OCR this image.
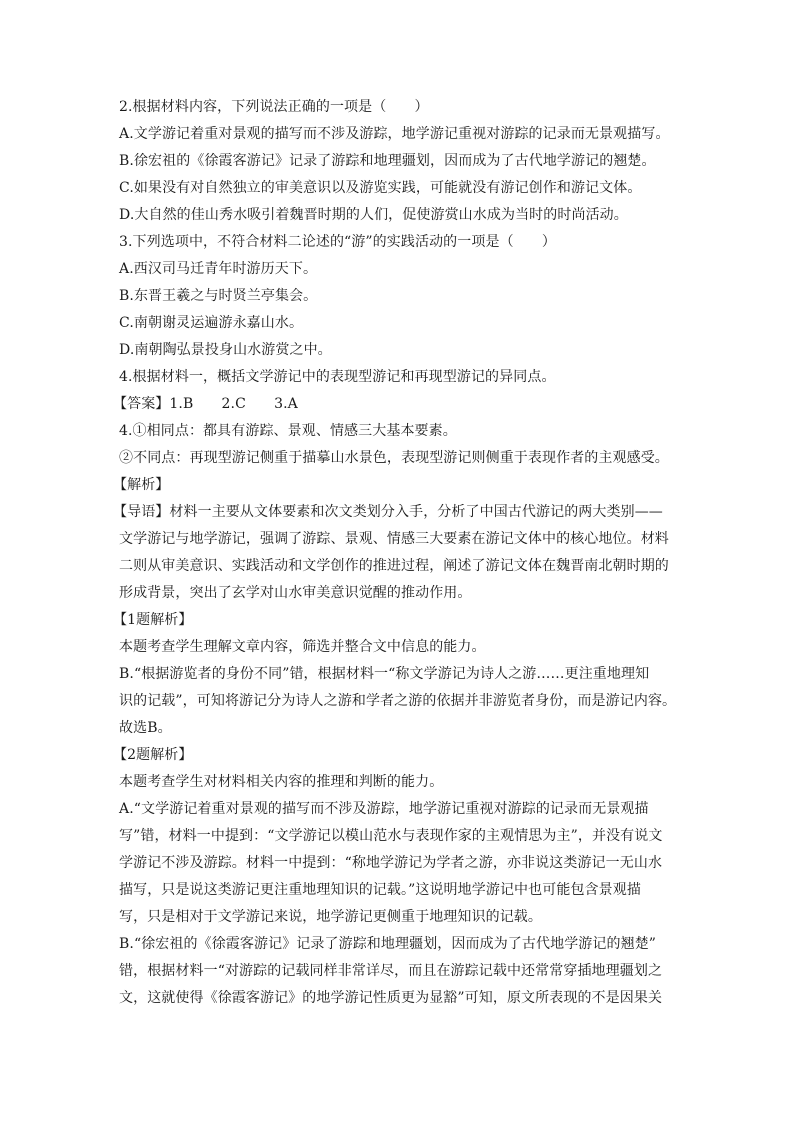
2.根据材料内容，下列说法正确的一项是（　　）
A.文学游记着重对景观的描写而不涉及游踪，地学游记重视对游踪的记录而无景观描写。
B.徐宏祖的《徐霞客游记》记录了游踪和地理疆划，因而成为了古代地学游记的翘楚。
C.如果没有对自然独立的审美意识以及游览实践，可能就没有游记创作和游记文体。
D.大自然的佳山秀水吸引着魏晋时期的人们，促使游赏山水成为当时的时尚活动。
3.下列选项中，不符合材料二论述的“游”的实践活动的一项是（　　）
A.西汉司马迁青年时游历天下。
B.东晋王羲之与时贤兰亭集会。
C.南朝谢灵运遍游永嘉山水。
D.南朝陶弘景投身山水游赏之中。
4.根据材料一，概括文学游记中的表现型游记和再现型游记的异同点。
【答案】1.B　　2.C　　3.A
4.①相同点：都具有游踪、景观、情感三大基本要素。
②不同点：再现型游记侧重于描摹山水景色，表现型游记则侧重于表现作者的主观感受。
【解析】
【导语】材料一主要从文体要素和次文类划分入手，分析了中国古代游记的两大类别——
文学游记与地学游记，强调了游踪、景观、情感三大要素在游记文体中的核心地位。材料
二则从审美意识、实践活动和文学创作的推进过程，阐述了游记文体在魏晋南北朝时期的
形成背景，突出了玄学对山水审美意识觉醒的推动作用。
【1题解析】
本题考查学生理解文章内容，筛选并整合文中信息的能力。
B.“根据游览者的身份不同”错，根据材料一“称文学游记为诗人之游……更注重地理知
识的记载”，可知将游记分为诗人之游和学者之游的依据并非游览者身份，而是游记内容。
故选B。
【2题解析】
本题考查学生对材料相关内容的推理和判断的能力。
A.“文学游记着重对景观的描写而不涉及游踪，地学游记重视对游踪的记录而无景观描
写”错，材料一中提到：“文学游记以模山范水与表现作家的主观情思为主”，并没有说文
学游记不涉及游踪。材料一中提到：“称地学游记为学者之游，亦非说这类游记一无山水
描写，只是说这类游记更注重地理知识的记载。”这说明地学游记中也可能包含景观描
写，只是相对于文学游记来说，地学游记更侧重于地理知识的记载。
B.“徐宏祖的《徐霞客游记》记录了游踪和地理疆划，因而成为了古代地学游记的翘楚”
错，根据材料一“对游踪的记载同样非常详尽，而且在游踪记载中还常常穿插地理疆划之
文，这就使得《徐霞客游记》的地学游记性质更为显豁”可知，原文所表现的不是因果关
